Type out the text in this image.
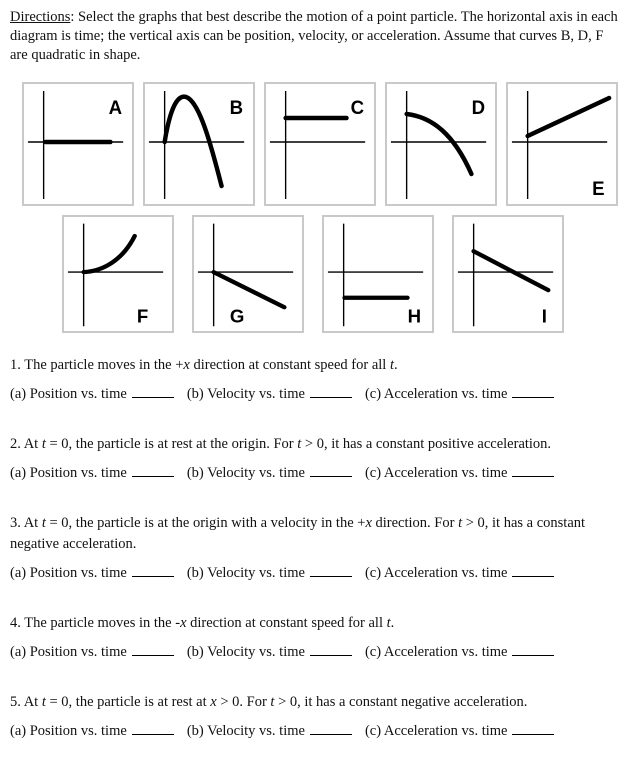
Directions: Select the graphs that best describe the motion of a point particle. The horizontal axis in each diagram is time; the vertical axis can be position, velocity, or acceleration. Assume that curves B, D, F are quadratic in shape.

A	B	C	D
E
F	G	H	I

1. The particle moves in the +x direction at constant speed for all t.

(a) Position vs. time	(b) Velocity vs. time	(c) Acceleration vs. time

2. At t = 0, the particle is at rest at the origin. For t > 0, it has a constant positive acceleration.

(a) Position vs. time	(b) Velocity vs. time	(c) Acceleration vs. time

3. At t = 0, the particle is at the origin with a velocity in the +x direction. For t > 0, it has a constant negative acceleration.

(a) Position vs. time	(b) Velocity vs. time	(c) Acceleration vs. time

4. The particle moves in the -x direction at constant speed for all t.

(a) Position vs. time	(b) Velocity vs. time	(c) Acceleration vs. time

5. At t = 0, the particle is at rest at x > 0. For t > 0, it has a constant negative acceleration.

(a) Position vs. time	(b) Velocity vs. time	(c) Acceleration vs. time
